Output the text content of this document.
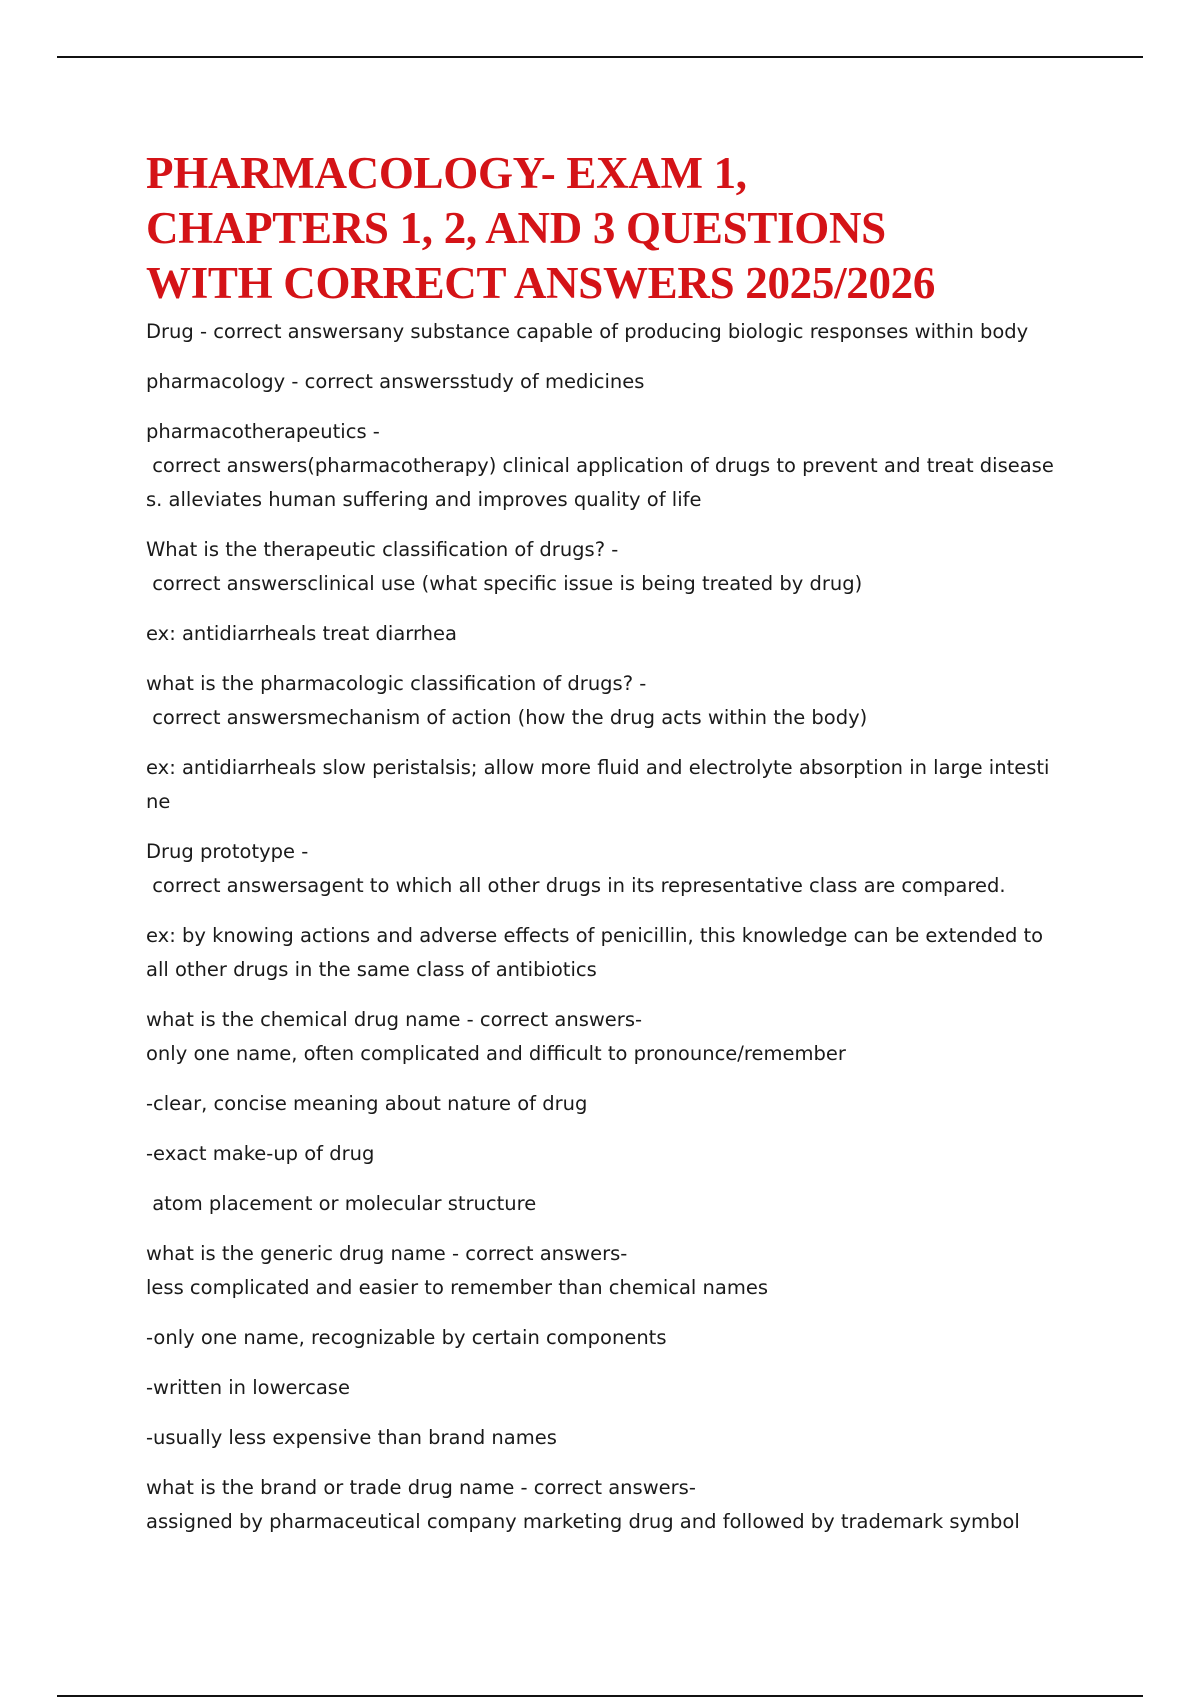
PHARMACOLOGY- EXAM 1,
CHAPTERS 1, 2, AND 3 QUESTIONS
WITH CORRECT ANSWERS 2025/2026
Drug - correct answersany substance capable of producing biologic responses within body
pharmacology - correct answersstudy of medicines
pharmacotherapeutics -
correct answers(pharmacotherapy) clinical application of drugs to prevent and treat disease
s. alleviates human suffering and improves quality of life
What is the therapeutic classification of drugs? -
correct answersclinical use (what specific issue is being treated by drug)
ex: antidiarrheals treat diarrhea
what is the pharmacologic classification of drugs? -
correct answersmechanism of action (how the drug acts within the body)
ex: antidiarrheals slow peristalsis; allow more fluid and electrolyte absorption in large intesti
ne
Drug prototype -
correct answersagent to which all other drugs in its representative class are compared.
ex: by knowing actions and adverse effects of penicillin, this knowledge can be extended to
all other drugs in the same class of antibiotics
what is the chemical drug name - correct answers-
only one name, often complicated and difficult to pronounce/remember
-clear, concise meaning about nature of drug
-exact make-up of drug
atom placement or molecular structure
what is the generic drug name - correct answers-
less complicated and easier to remember than chemical names
-only one name, recognizable by certain components
-written in lowercase
-usually less expensive than brand names
what is the brand or trade drug name - correct answers-
assigned by pharmaceutical company marketing drug and followed by trademark symbol
